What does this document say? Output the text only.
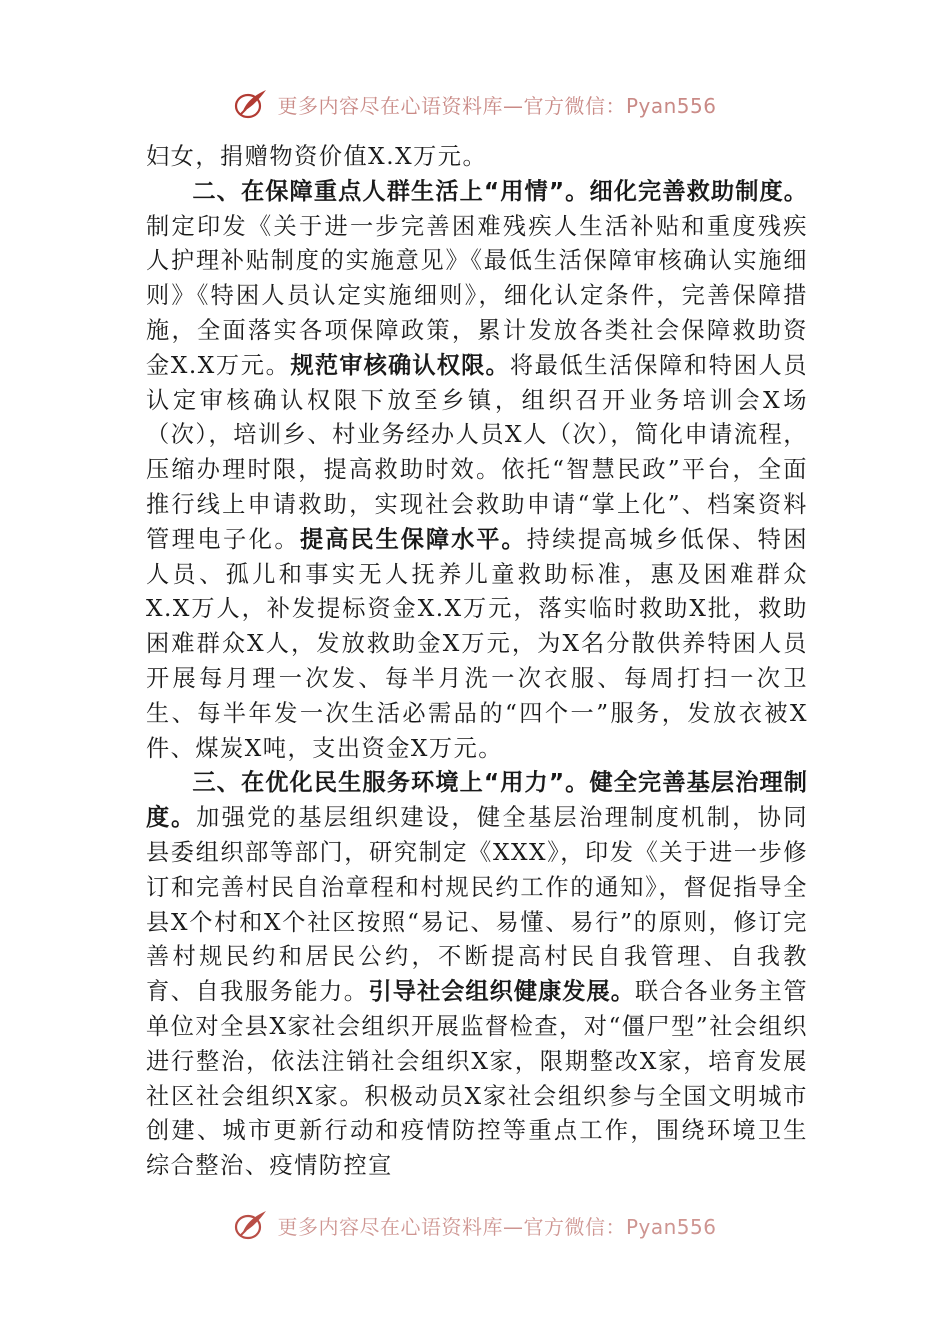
更多内容尽在心语资料库—官方微信：Pyan556

妇女，捐赠物资价值X.X万元。

二、在保障重点人群生活上“用情”。细化完善救助制度。制定印发《关于进一步完善困难残疾人生活补贴和重度残疾人护理补贴制度的实施意见》《最低生活保障审核确认实施细则》《特困人员认定实施细则》，细化认定条件，完善保障措施，全面落实各项保障政策，累计发放各类社会保障救助资金X.X万元。规范审核确认权限。将最低生活保障和特困人员认定审核确认权限下放至乡镇，组织召开业务培训会X场（次），培训乡、村业务经办人员X人（次），简化申请流程，压缩办理时限，提高救助时效。依托“智慧民政”平台，全面推行线上申请救助，实现社会救助申请“掌上化”、档案资料管理电子化。提高民生保障水平。持续提高城乡低保、特困人员、孤儿和事实无人抚养儿童救助标准，惠及困难群众X.X万人，补发提标资金X.X万元，落实临时救助X批，救助困难群众X人，发放救助金X万元，为X名分散供养特困人员开展每月理一次发、每半月洗一次衣服、每周打扫一次卫生、每半年发一次生活必需品的“四个一”服务，发放衣被X件、煤炭X吨，支出资金X万元。

三、在优化民生服务环境上“用力”。健全完善基层治理制度。加强党的基层组织建设，健全基层治理制度机制，协同县委组织部等部门，研究制定《XXX》，印发《关于进一步修订和完善村民自治章程和村规民约工作的通知》，督促指导全县X个村和X个社区按照“易记、易懂、易行”的原则，修订完善村规民约和居民公约，不断提高村民自我管理、自我教育、自我服务能力。引导社会组织健康发展。联合各业务主管单位对全县X家社会组织开展监督检查，对“僵尸型”社会组织进行整治，依法注销社会组织X家，限期整改X家，培育发展社区社会组织X家。积极动员X家社会组织参与全国文明城市创建、城市更新行动和疫情防控等重点工作，围绕环境卫生综合整治、疫情防控宣

更多内容尽在心语资料库—官方微信：Pyan556
